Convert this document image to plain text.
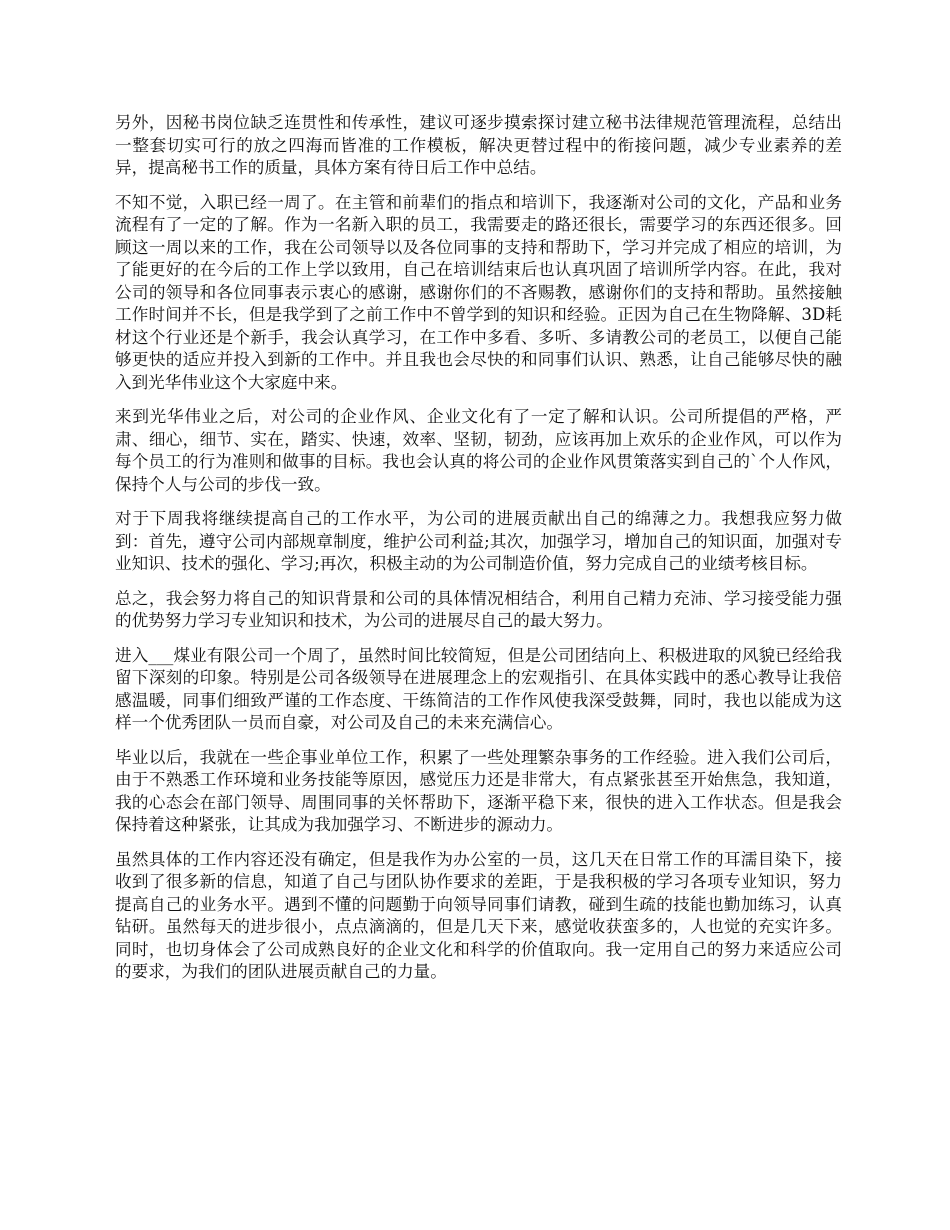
另外，因秘书岗位缺乏连贯性和传承性，建议可逐步摸索探讨建立秘书法律规范管理流程，总结出一整套切实可行的放之四海而皆准的工作模板，解决更替过程中的衔接问题，减少专业素养的差异，提高秘书工作的质量，具体方案有待日后工作中总结。

不知不觉，入职已经一周了。在主管和前辈们的指点和培训下，我逐渐对公司的文化，产品和业务流程有了一定的了解。作为一名新入职的员工，我需要走的路还很长，需要学习的东西还很多。回顾这一周以来的工作，我在公司领导以及各位同事的支持和帮助下，学习并完成了相应的培训，为了能更好的在今后的工作上学以致用，自己在培训结束后也认真巩固了培训所学内容。在此，我对公司的领导和各位同事表示衷心的感谢，感谢你们的不吝赐教，感谢你们的支持和帮助。虽然接触工作时间并不长，但是我学到了之前工作中不曾学到的知识和经验。正因为自己在生物降解、3D耗材这个行业还是个新手，我会认真学习，在工作中多看、多听、多请教公司的老员工，以便自己能够更快的适应并投入到新的工作中。并且我也会尽快的和同事们认识、熟悉，让自己能够尽快的融入到光华伟业这个大家庭中来。

来到光华伟业之后，对公司的企业作风、企业文化有了一定了解和认识。公司所提倡的严格，严肃、细心，细节、实在，踏实、快速，效率、坚韧，韧劲，应该再加上欢乐的企业作风，可以作为每个员工的行为准则和做事的目标。我也会认真的将公司的企业作风贯策落实到自己的`个人作风，保持个人与公司的步伐一致。

对于下周我将继续提高自己的工作水平，为公司的进展贡献出自己的绵薄之力。我想我应努力做到：首先，遵守公司内部规章制度，维护公司利益;其次，加强学习，增加自己的知识面，加强对专业知识、技术的强化、学习;再次，积极主动的为公司制造价值，努力完成自己的业绩考核目标。

总之，我会努力将自己的知识背景和公司的具体情况相结合，利用自己精力充沛、学习接受能力强的优势努力学习专业知识和技术，为公司的进展尽自己的最大努力。

进入___煤业有限公司一个周了，虽然时间比较简短，但是公司团结向上、积极进取的风貌已经给我留下深刻的印象。特别是公司各级领导在进展理念上的宏观指引、在具体实践中的悉心教导让我倍感温暖，同事们细致严谨的工作态度、干练简洁的工作作风使我深受鼓舞，同时，我也以能成为这样一个优秀团队一员而自豪，对公司及自己的未来充满信心。

毕业以后，我就在一些企事业单位工作，积累了一些处理繁杂事务的工作经验。进入我们公司后，由于不熟悉工作环境和业务技能等原因，感觉压力还是非常大，有点紧张甚至开始焦急，我知道，我的心态会在部门领导、周围同事的关怀帮助下，逐渐平稳下来，很快的进入工作状态。但是我会保持着这种紧张，让其成为我加强学习、不断进步的源动力。

虽然具体的工作内容还没有确定，但是我作为办公室的一员，这几天在日常工作的耳濡目染下，接收到了很多新的信息，知道了自己与团队协作要求的差距，于是我积极的学习各项专业知识，努力提高自己的业务水平。遇到不懂的问题勤于向领导同事们请教，碰到生疏的技能也勤加练习，认真钻研。虽然每天的进步很小，点点滴滴的，但是几天下来，感觉收获蛮多的，人也觉的充实许多。同时，也切身体会了公司成熟良好的企业文化和科学的价值取向。我一定用自己的努力来适应公司的要求，为我们的团队进展贡献自己的力量。
